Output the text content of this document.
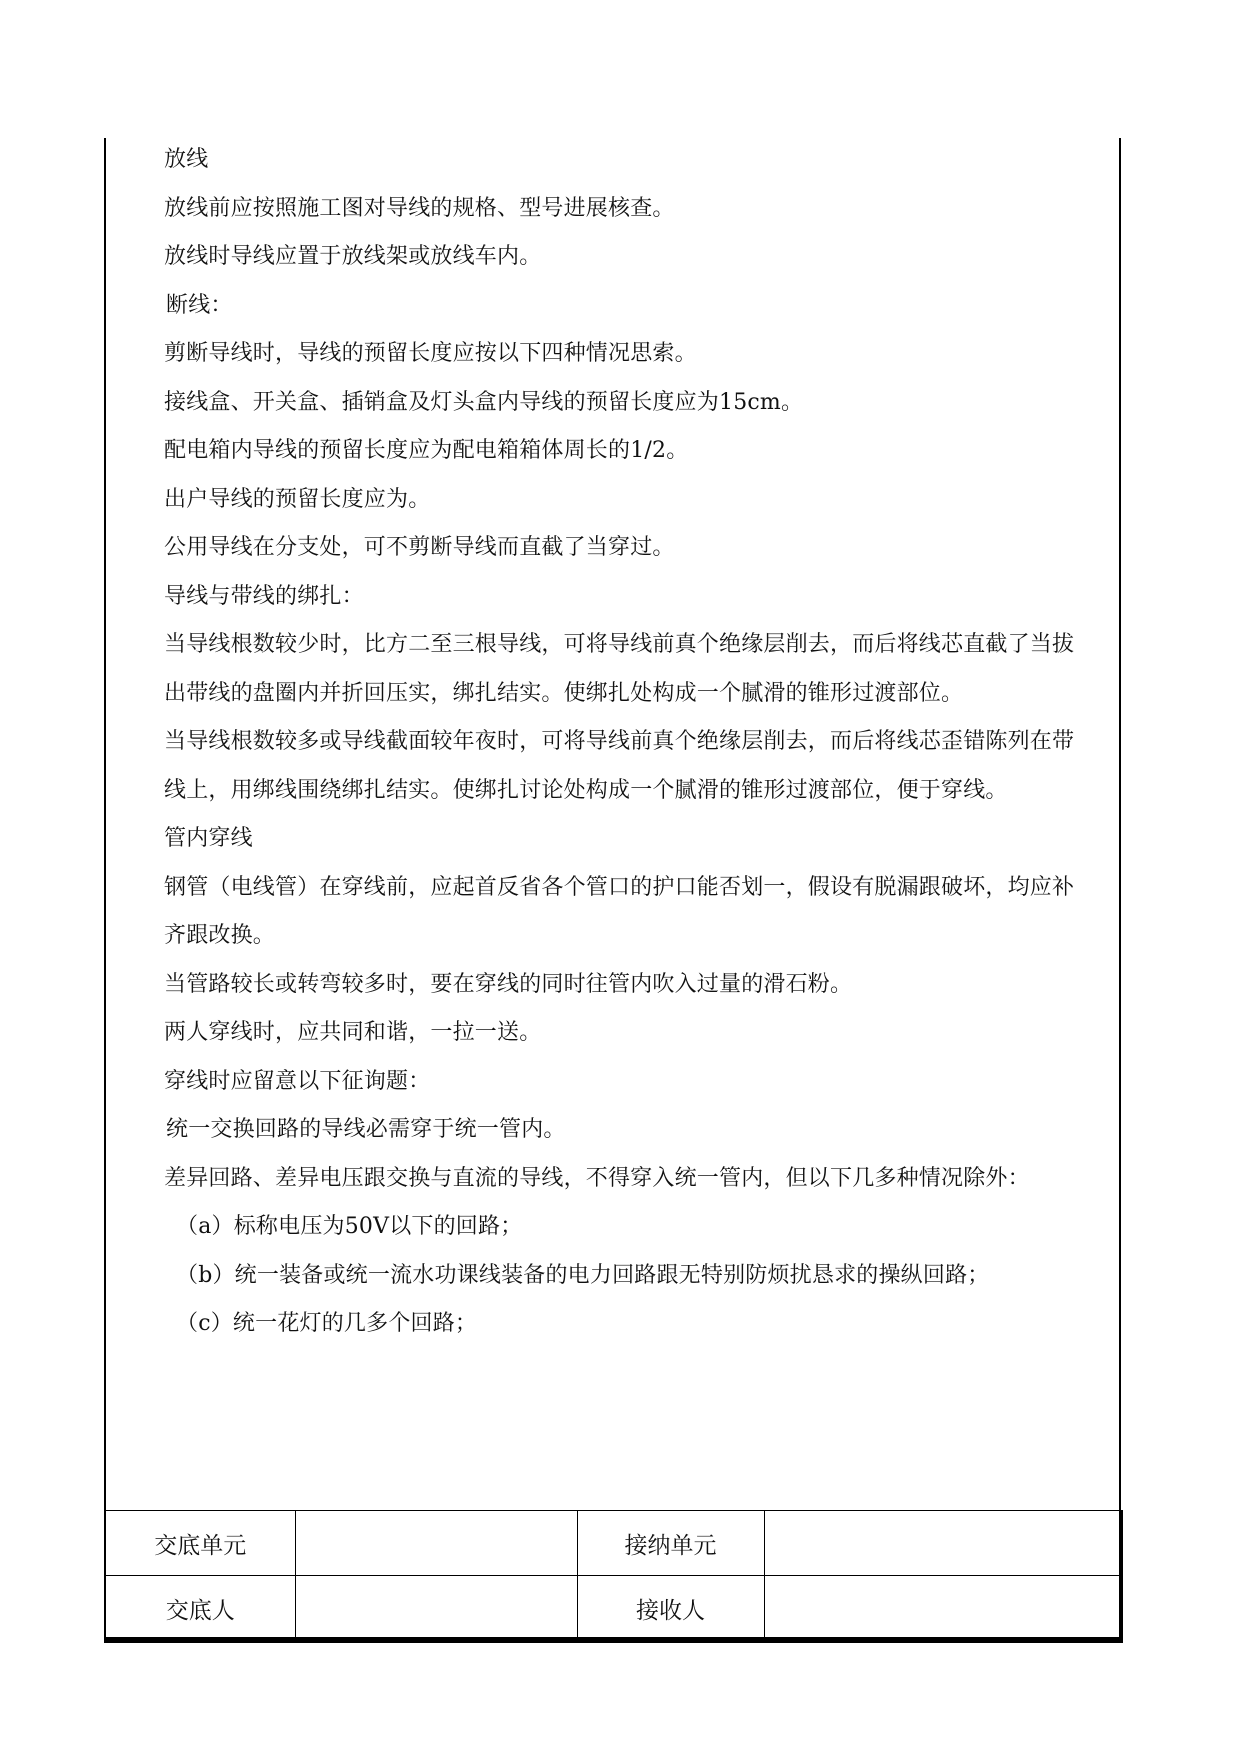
放线

放线前应按照施工图对导线的规格、型号进展核查。

放线时导线应置于放线架或放线车内。

断线：

剪断导线时，导线的预留长度应按以下四种情况思索。

接线盒、开关盒、插销盒及灯头盒内导线的预留长度应为15cm。

配电箱内导线的预留长度应为配电箱箱体周长的1/2。

出户导线的预留长度应为。

公用导线在分支处，可不剪断导线而直截了当穿过。

导线与带线的绑扎：

当导线根数较少时，比方二至三根导线，可将导线前真个绝缘层削去，而后将线芯直截了当拔出带线的盘圈内并折回压实，绑扎结实。使绑扎处构成一个腻滑的锥形过渡部位。

当导线根数较多或导线截面较年夜时，可将导线前真个绝缘层削去，而后将线芯歪错陈列在带线上，用绑线围绕绑扎结实。使绑扎讨论处构成一个腻滑的锥形过渡部位，便于穿线。

管内穿线

钢管（电线管）在穿线前，应起首反省各个管口的护口能否划一，假设有脱漏跟破坏，均应补齐跟改换。

当管路较长或转弯较多时，要在穿线的同时往管内吹入过量的滑石粉。

两人穿线时，应共同和谐，一拉一送。

穿线时应留意以下征询题：

统一交换回路的导线必需穿于统一管内。

差异回路、差异电压跟交换与直流的导线，不得穿入统一管内，但以下几多种情况除外：

（a）标称电压为50V以下的回路；

（b）统一装备或统一流水功课线装备的电力回路跟无特别防烦扰恳求的操纵回路；

（c）统一花灯的几多个回路；

交底单元		接纳单元	
交底人		接收人	
